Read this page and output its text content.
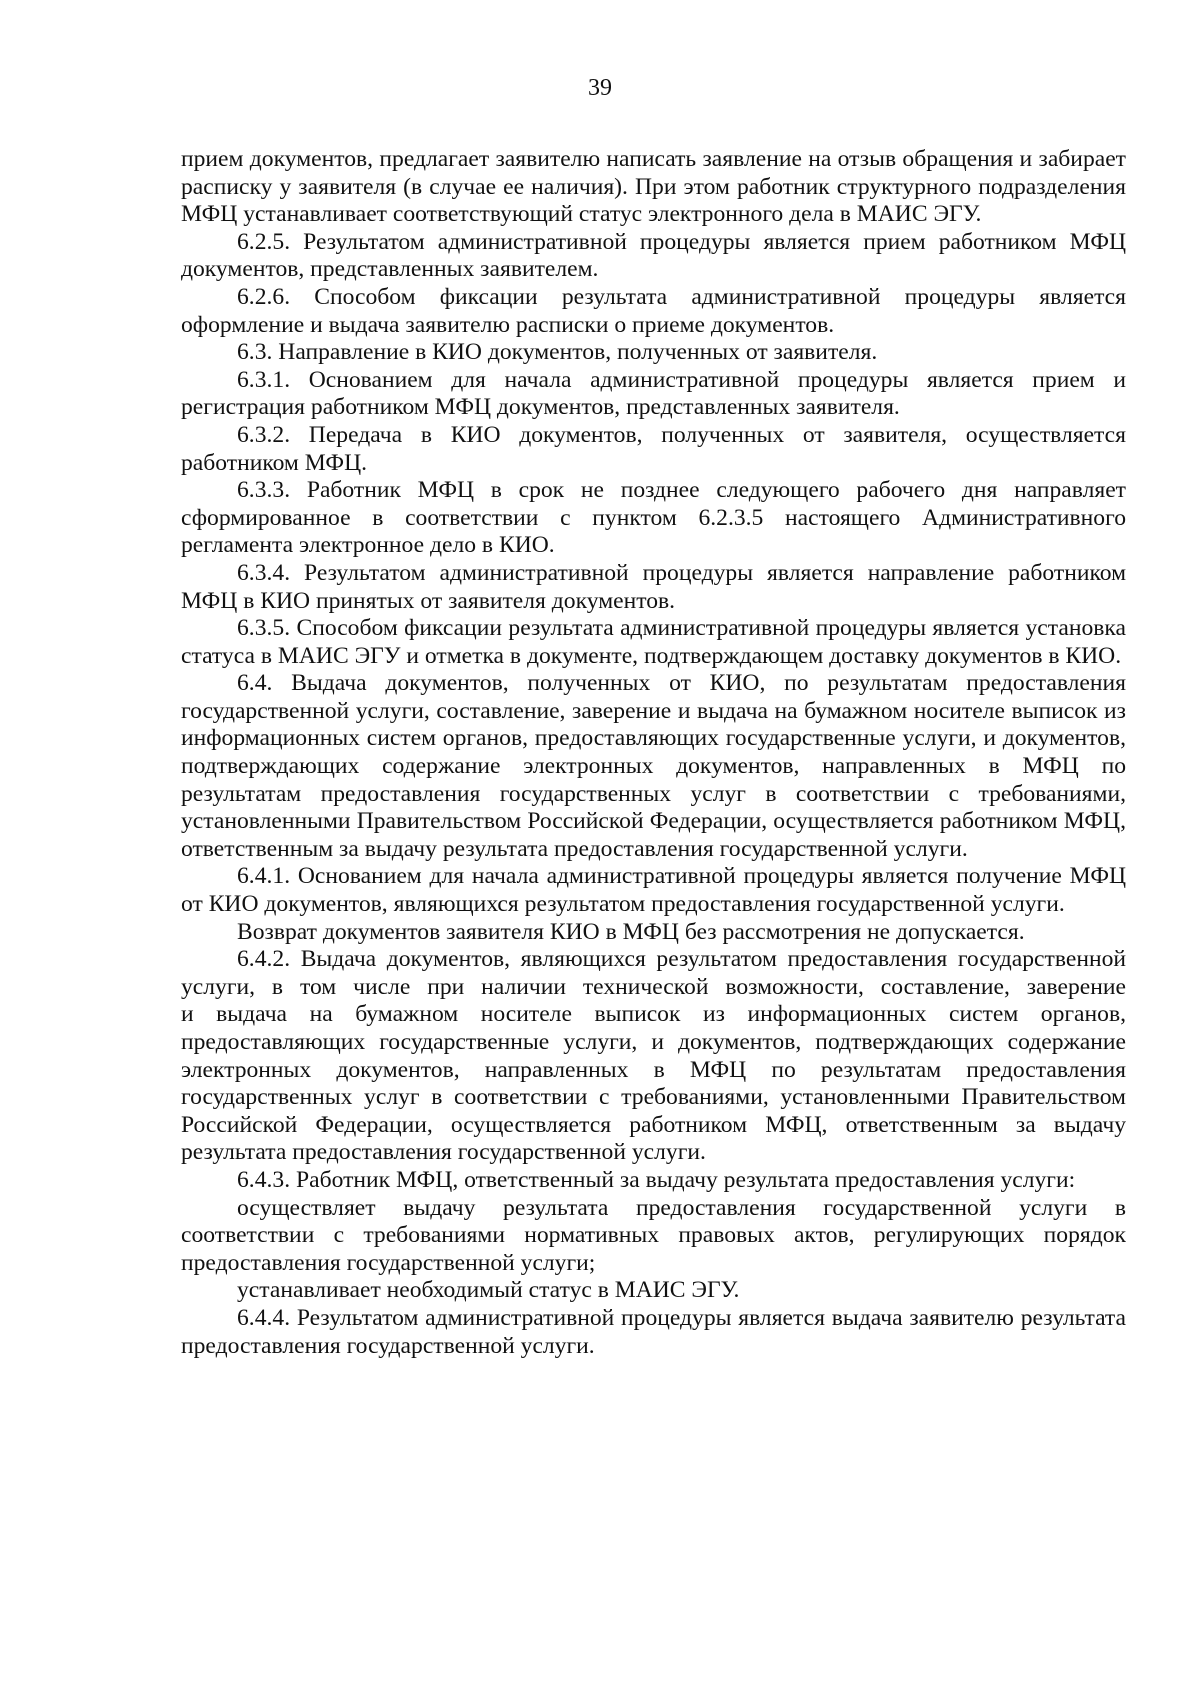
39

прием документов, предлагает заявителю написать заявление на отзыв обращения и забирает расписку у заявителя (в случае ее наличия). При этом работник структурного подразделения МФЦ устанавливает соответствующий статус электронного дела в МАИС ЭГУ.

6.2.5. Результатом административной процедуры является прием работником МФЦ документов, представленных заявителем.

6.2.6. Способом фиксации результата административной процедуры является оформление и выдача заявителю расписки о приеме документов.

6.3. Направление в КИО документов, полученных от заявителя.

6.3.1. Основанием для начала административной процедуры является прием и регистрация работником МФЦ документов, представленных заявителя.

6.3.2. Передача в КИО документов, полученных от заявителя, осуществляется работником МФЦ.

6.3.3. Работник МФЦ в срок не позднее следующего рабочего дня направляет сформированное в соответствии с пунктом 6.2.3.5 настоящего Административного регламента электронное дело в КИО.

6.3.4. Результатом административной процедуры является направление работником МФЦ в КИО принятых от заявителя документов.

6.3.5. Способом фиксации результата административной процедуры является установка статуса в МАИС ЭГУ и отметка в документе, подтверждающем доставку документов в КИО.

6.4. Выдача документов, полученных от КИО, по результатам предоставления государственной услуги, составление, заверение и выдача на бумажном носителе выписок из информационных систем органов, предоставляющих государственные услуги, и документов, подтверждающих содержание электронных документов, направленных в МФЦ по результатам предоставления государственных услуг в соответствии с требованиями, установленными Правительством Российской Федерации, осуществляется работником МФЦ, ответственным за выдачу результата предоставления государственной услуги.

6.4.1. Основанием для начала административной процедуры является получение МФЦ от КИО документов, являющихся результатом предоставления государственной услуги.

Возврат документов заявителя КИО в МФЦ без рассмотрения не допускается.

6.4.2. Выдача документов, являющихся результатом предоставления государственной услуги, в том числе при наличии технической возможности, составление, заверение

и выдача на бумажном носителе выписок из информационных систем органов, предоставляющих государственные услуги, и документов, подтверждающих содержание электронных документов, направленных в МФЦ по результатам предоставления государственных услуг в соответствии с требованиями, установленными Правительством Российской Федерации, осуществляется работником МФЦ, ответственным за выдачу результата предоставления государственной услуги.

6.4.3. Работник МФЦ, ответственный за выдачу результата предоставления услуги:

осуществляет выдачу результата предоставления государственной услуги в соответствии с требованиями нормативных правовых актов, регулирующих порядок предоставления государственной услуги;

устанавливает необходимый статус в МАИС ЭГУ.

6.4.4. Результатом административной процедуры является выдача заявителю результата предоставления государственной услуги.
